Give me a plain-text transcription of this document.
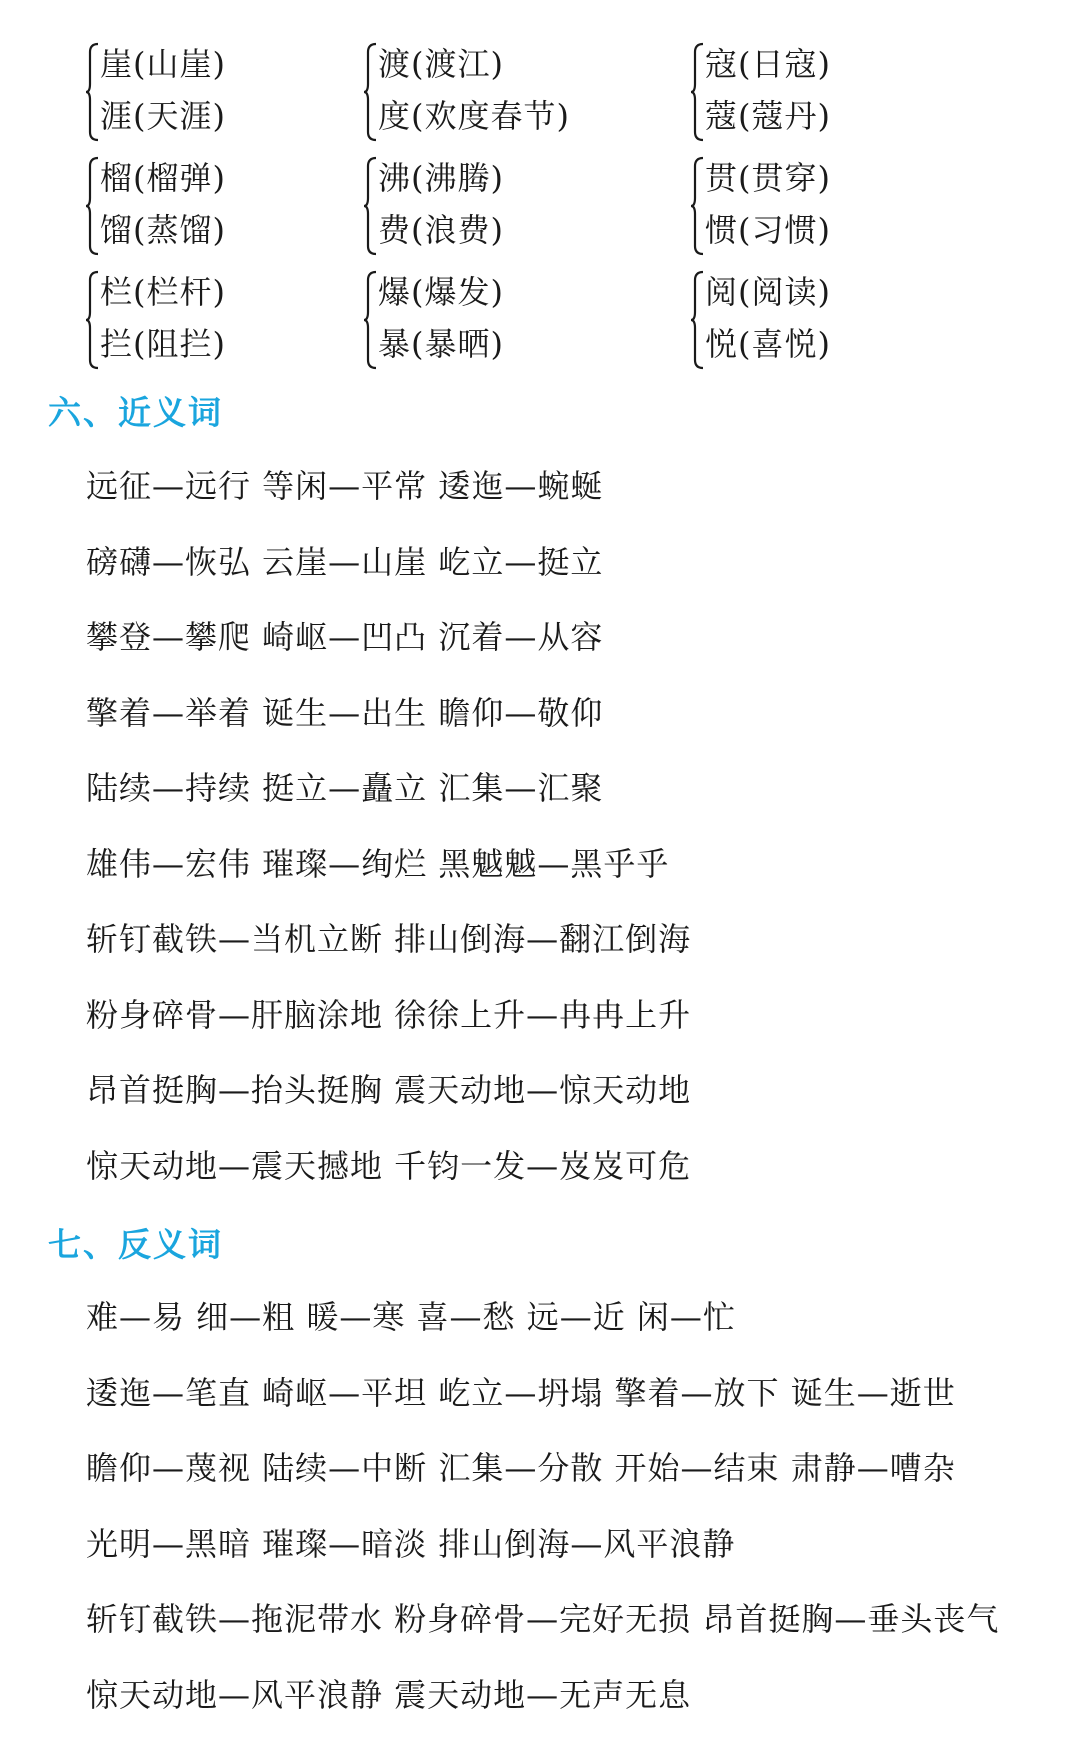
崖(山崖)
涯(天涯)
渡(渡江)
度(欢度春节)
寇(日寇)
蔻(蔻丹)
榴(榴弹)
馏(蒸馏)
沸(沸腾)
费(浪费)
贯(贯穿)
惯(习惯)
栏(栏杆)
拦(阻拦)
爆(爆发)
暴(暴晒)
阅(阅读)
悦(喜悦)
六、近义词
远征—远行 等闲—平常 逶迤—蜿蜒
磅礴—恢弘 云崖—山崖 屹立—挺立
攀登—攀爬 崎岖—凹凸 沉着—从容
擎着—举着 诞生—出生 瞻仰—敬仰
陆续—持续 挺立—矗立 汇集—汇聚
雄伟—宏伟 璀璨—绚烂 黑魆魆—黑乎乎
斩钉截铁—当机立断 排山倒海—翻江倒海
粉身碎骨—肝脑涂地 徐徐上升—冉冉上升
昂首挺胸—抬头挺胸 震天动地—惊天动地
惊天动地—震天撼地 千钧一发—岌岌可危
七、反义词
难—易 细—粗 暖—寒 喜—愁 远—近 闲—忙
逶迤—笔直 崎岖—平坦 屹立—坍塌 擎着—放下 诞生—逝世
瞻仰—蔑视 陆续—中断 汇集—分散 开始—结束 肃静—嘈杂
光明—黑暗 璀璨—暗淡 排山倒海—风平浪静
斩钉截铁—拖泥带水 粉身碎骨—完好无损 昂首挺胸—垂头丧气
惊天动地—风平浪静 震天动地—无声无息
